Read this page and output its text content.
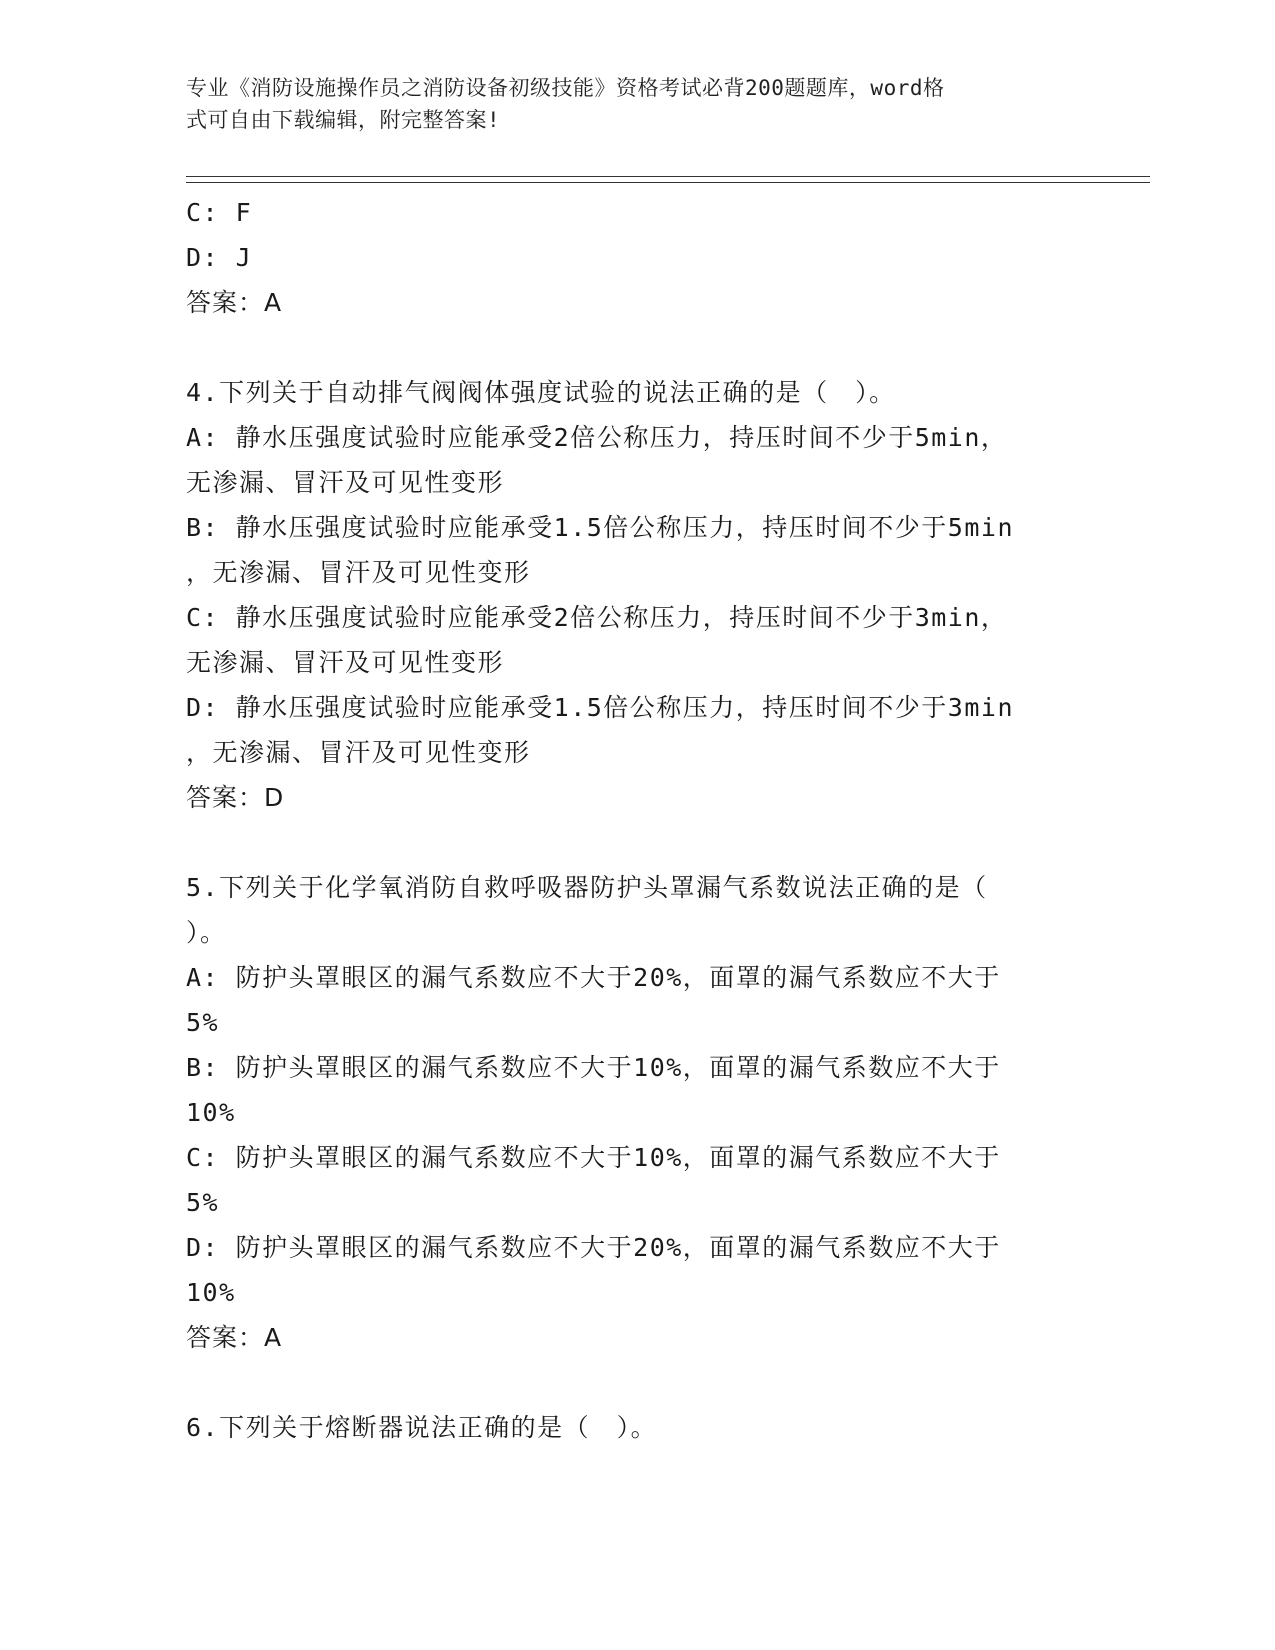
专业《消防设施操作员之消防设备初级技能》资格考试必背200题题库，word格
式可自由下载编辑，附完整答案!
C: F
D: J
答案：A
4.下列关于自动排气阀阀体强度试验的说法正确的是（　）。
A: 静水压强度试验时应能承受2倍公称压力，持压时间不少于5min，
无渗漏、冒汗及可见性变形
B: 静水压强度试验时应能承受1.5倍公称压力，持压时间不少于5min
，无渗漏、冒汗及可见性变形
C: 静水压强度试验时应能承受2倍公称压力，持压时间不少于3min，
无渗漏、冒汗及可见性变形
D: 静水压强度试验时应能承受1.5倍公称压力，持压时间不少于3min
，无渗漏、冒汗及可见性变形
答案：D
5.下列关于化学氧消防自救呼吸器防护头罩漏气系数说法正确的是（
）。
A: 防护头罩眼区的漏气系数应不大于20%，面罩的漏气系数应不大于
5%
B: 防护头罩眼区的漏气系数应不大于10%，面罩的漏气系数应不大于
10%
C: 防护头罩眼区的漏气系数应不大于10%，面罩的漏气系数应不大于
5%
D: 防护头罩眼区的漏气系数应不大于20%，面罩的漏气系数应不大于
10%
答案：A
6.下列关于熔断器说法正确的是（　）。
